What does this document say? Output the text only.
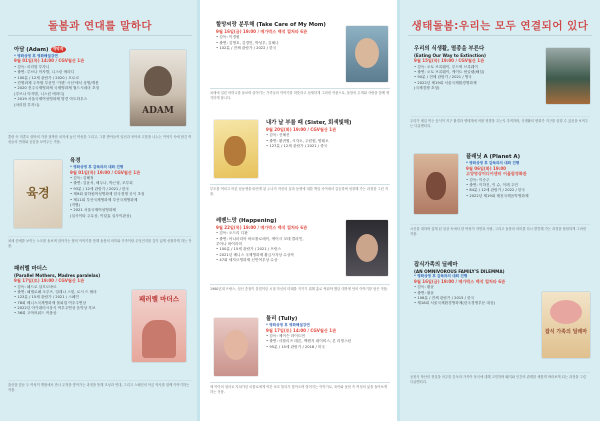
돌봄과 연대를 말하다
아담 (Adam) 개막작
* 영화상영 후 영화해설강연
9월 01일(목) 14:00 / CGV월산 1관
• 감독: 마리암 투자니
• 출연: 루브나 아자발, 니스린 에라디
• 100분 / 12세 관람가 / 2020 / 모로코
• 칸영화제 주목할 부문인 '카렌' 시선'에서 상영/개봉
• 2020 전주국제영화제 국제영화제 월드시네마 초청
(루브나 아자발, 니스린 에라디)
• 2019 서울국제여성영화제 발견 아트하우스
(마리암 투자니)
ADAM
혼란 속 미혼모 삼바의 가장 절박한 처지에 놓인 여성을 그리고, 그를 받아들여 임신과 육아의 고통을 나누는 이야기 속에 담긴 여성들의 연대와 공감을 보여주는 작품.
육경
육경
* 영화상영 후 감독과의 대화 진행
9월 01일(목) 19:00 / CGV월산 1관
• 감독: 김해정
• 출연: 김윤석, 배두나, 박근형, 조부희
• 93분 / 12세 관람가 / 2021 / 한국
• 제9회 물하원여성영화제 한국경쟁 공식 초청
• 제11회 부산국제영화제 부산국제영화제
(저협)
• 2021 서울국제여성영화제
(실사이타 주무상, 이달효 실사이관상)
치매 증세를 보이는 노모를 돌보며 살아가는 딸의 이야기를 통해 돌봄의 의미와 가족이란 무엇인지를 깊이 있게 성찰하게 하는 작품.
패러렐 마더스
(Parallel Mothers, Madres paralelas)
9월 17일(토) 19:00 / CGV월산 1관
• 감독: 페드로 알모도바르
• 출연: 페넬로페 크루즈, 밀레나 스밋, 로시 드 팔마
• 123분 / 15세 관람가 / 2021 / 스페인
• 78회 베니스국제영화제 볼피컵 여우주연상
• 2022년 아카데미시상식 여우주연상 음악상 후보
• 36회 고야어워드 작품상
패러렐 마더스
출산을 앞둔 두 여성이 병원에서 만나 우정을 쌓아가는 과정을 통해 모성과 연대, 그리고 스페인의 아픈 역사를 함께 이야기하는 작품.
할망씨랑 분투해 (Take Care of My Mom)
9월 16일(금) 19:00 / 메가박스 백석 컬처타 6관
• 감독: 이경원
• 출연: 김영호, 김경민, 박성우, 김혜나
• 102분 / 전체 관람가 / 2022 / 한국
치매에 걸린 어머니를 돌보며 살아가는 가족들의 이야기를 따뜻하고 섬세하게 그려낸 작품으로, 돌봄의 무게와 사랑을 함께 생각하게 합니다.
내가 날 부를 때 (Sister, 회색빛해)
9월 20일(화) 19:00 / CGV월산 1관
• 감독: 진혜신
• 출연: 황귀엽, 시자오, 주련원, 양테오
• 127분 / 12세 관람가 / 2021 / 중국
부모를 여의고 어린 남동생을 떠안게 된 누나가 자신의 꿈과 동생에 대한 책임 사이에서 갈등하며 성장해 가는 과정을 그린 작품.
레벤느망 (Happening)
9월 22일(목) 19:00 / 메가박스 백석 컬처타 6관
• 감독: 오드리 디완
• 출연: 아나마리아 바르톨로메이, 케이시 모테 클라인,
루아나 바이라미
• 100분 / 15세 관람가 / 2021 / 프랑스
• 2021년 베니스 국제영화제 황금사자상 수상작
• 47회 세자르영화제 신인여우상 수상
1960년대 프랑스, 임신 중절이 불법이던 시절 자신의 미래를 지키기 위해 홀로 싸워야 했던 대학생 안의 이야기를 담은 작품.
툴리 (Tully)
* 영화상영 후 영화해설강연
9월 17일(토) 14:00 / CGV월산 1관
• 감독: 제이슨 라이트먼
• 출연: 샤를리즈 테론, 맥켄지 데이비스, 론 리빙스턴
• 95분 / 15세 관람가 / 2018 / 미국
세 아이의 엄마로 지쳐가던 마를로에게 야간 보모 툴리가 찾아오며 벌어지는 이야기로, 육아와 돌봄 속 여성의 삶을 돌아보게 하는 작품.
생태돌봄:우리는 모두 연결되어 있다
우리의 식생활, 멸종을 부른다
(Eating Our Way to Extinction)
9월 15일(목) 19:00 / CGV월산 1관
• 감독: 오토 브록웨이, 루드윅 브록웨이
• 출연: 오토 브록웨이, 케이트 윈슬렛(해설)
• 90분 / 전체 관람가 / 2021 / 영국
• 2022년 제19회 서울국제환경영화제
(국제경쟁 초청)
우리가 매일 먹는 음식이 지구 환경과 생태계에 어떤 영향을 주는지 추적하며, 식생활의 변화가 지구를 살릴 수 있음을 보여주는 다큐멘터리.
플래닛 A (Planet A)
* 영화상영 후 감독과의 대화 진행
9월 06일(화) 19:00
고양영상미디어센터 어울림영화관
• 감독: 이승주
• 출연: 이하진, 이 슈, 이레 주민
• 84분 / 12세 관람가 / 2022 / 한국
• 2022년 제19회 제천국제음악영화제
시신을 대하며 살게 된 일상 속에서 한 여성이 자연과 사람, 그리고 돌봄의 의미를 다시 발견해 가는 과정을 담담하게 그려낸 작품.
잡식가족의 딜레마
(AN OMNIVOROUS FAMILY'S DILEMMA)
* 영화상영 후 감독과의 대화 진행
9월 16일(금) 19:00 / 메가박스 백석 컬처타 6관
• 감독: 황윤
• 출연: 황윤
• 106분 / 전체 관람가 / 2015 / 한국
• 제18회 서울국제환경영화제(한국경쟁부문 대상)
잡식 가족의 딜레마
공장식 축산의 현실을 마주한 감독과 가족이 육식에 대해 고민하며 돼지와 인간의 관계를 새롭게 바라보게 되는 과정을 그린 다큐멘터리.
